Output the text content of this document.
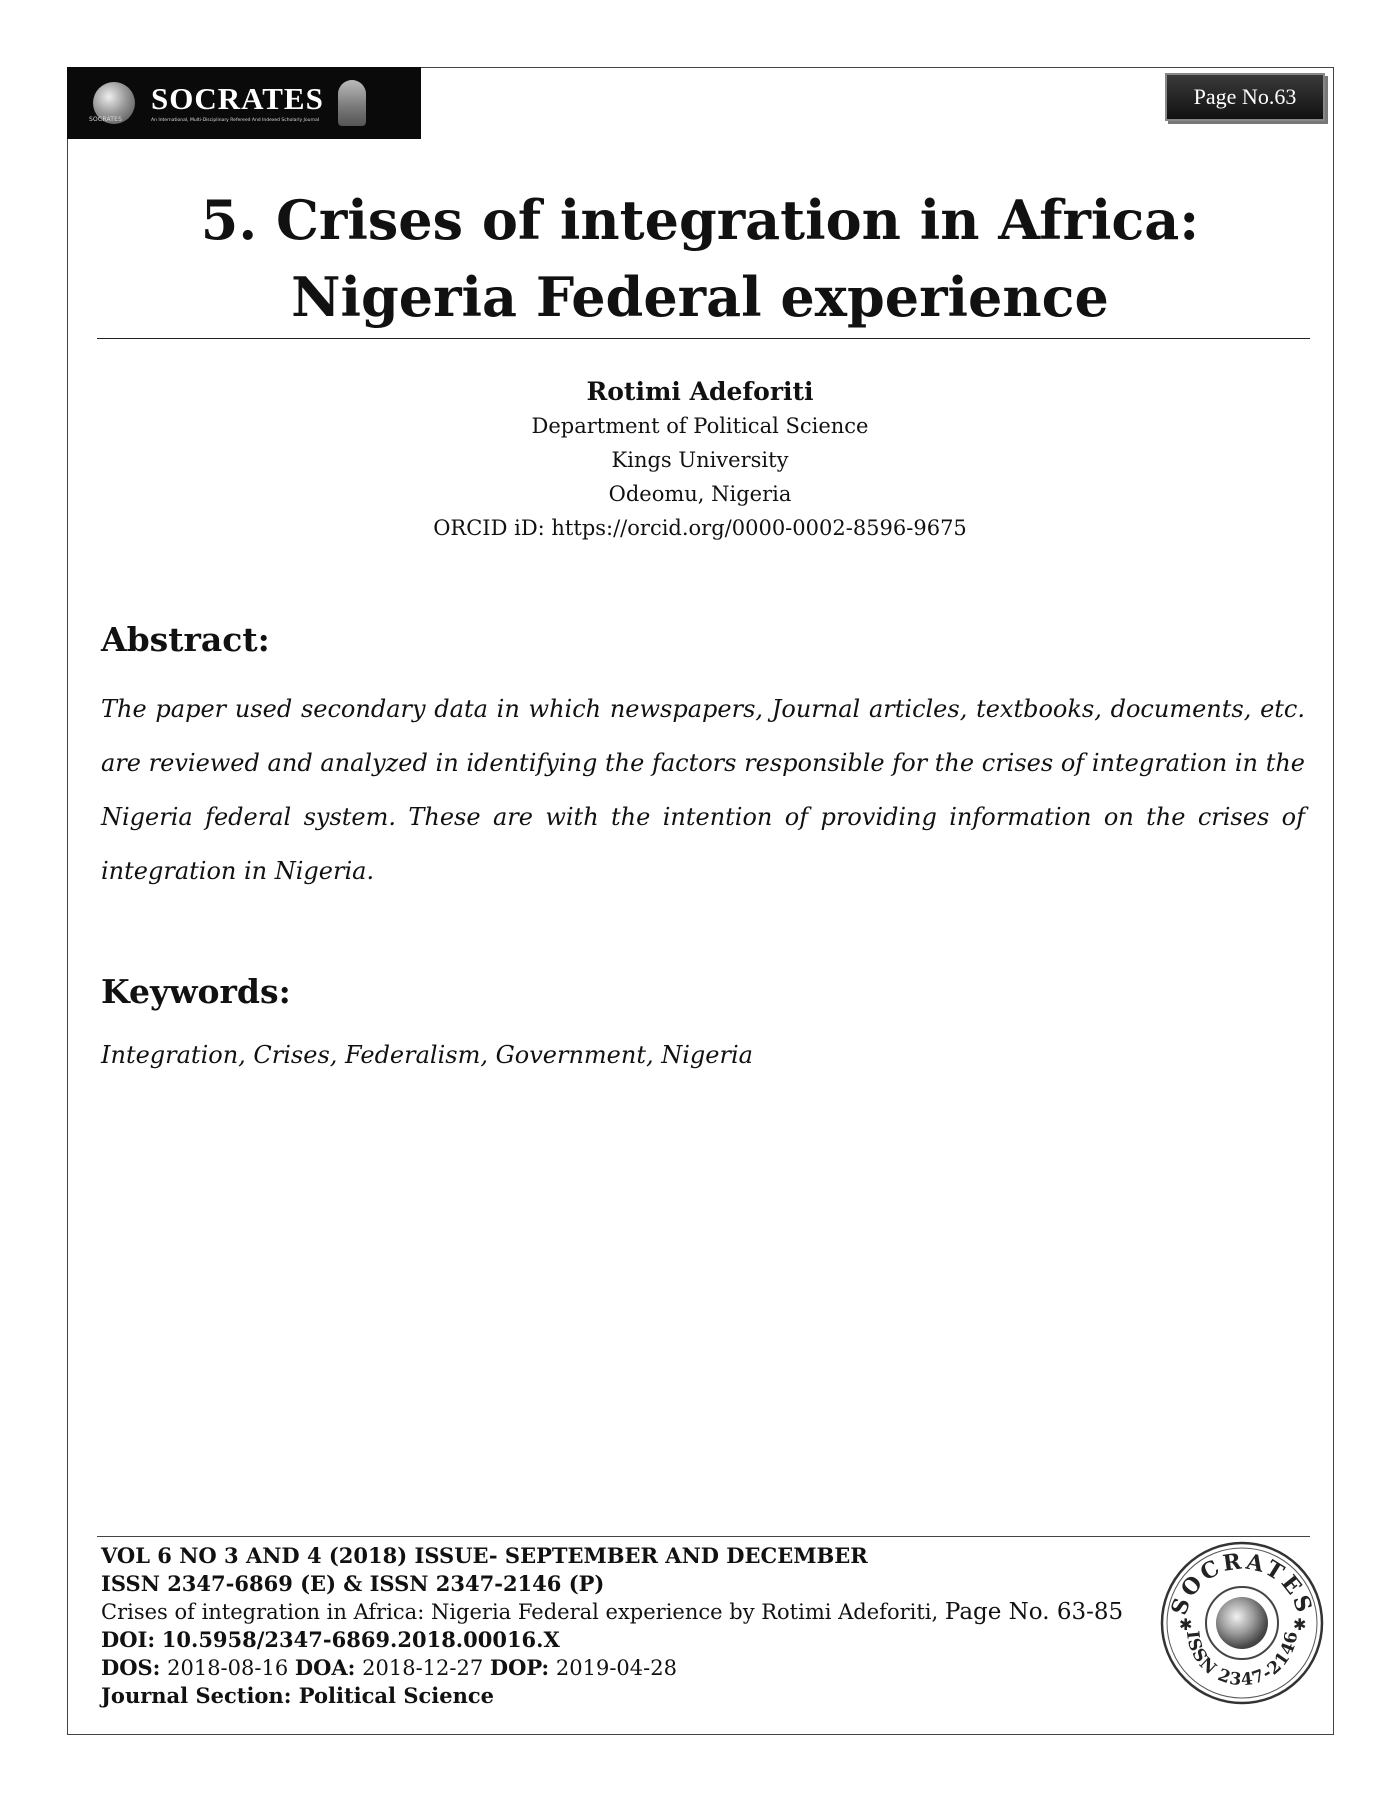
SOCRATES
SOCRATES
An International, Multi-Disciplinary Refereed And Indexed Scholarly Journal
Page No.63
5. Crises of integration in Africa:
Nigeria Federal experience
Rotimi Adeforiti
Department of Political Science
Kings University
Odeomu, Nigeria
ORCID iD: https://orcid.org/0000-0002-8596-9675
Abstract:

The paper used secondary data in which newspapers, Journal articles, textbooks, documents, etc. are reviewed and analyzed in identifying the factors responsible for the crises of integration in the Nigeria federal system. These are with the intention of providing information on the crises of integration in Nigeria.

Keywords:

Integration, Crises, Federalism, Government, Nigeria

VOL 6 NO 3 AND 4 (2018) ISSUE- SEPTEMBER AND DECEMBER
ISSN 2347-6869 (E) & ISSN 2347-2146 (P)
Crises of integration in Africa: Nigeria Federal experience by Rotimi Adeforiti, Page No. 63-85
DOI: 10.5958/2347-6869.2018.00016.X
DOS: 2018-08-16 DOA: 2018-12-27 DOP: 2019-04-28
Journal Section: Political Science
SOCRATES
ISSN 2347-2146
✱	✱
